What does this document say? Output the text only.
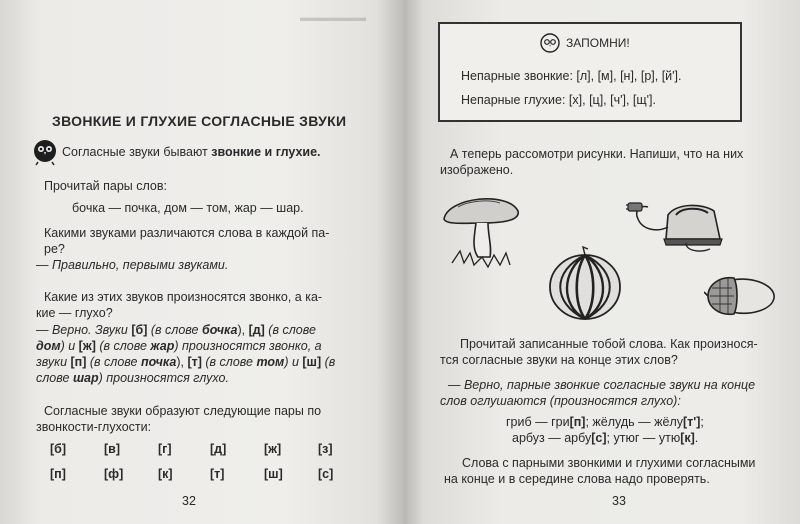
▬▬▬▬▬▬
ЗВОНКИЕ И ГЛУХИЕ СОГЛАСНЫЕ ЗВУКИ
Согласные звуки бывают звонкие и глухие.
Прочитай пары слов:
бочка — почка, дом — том, жар — шар.
Какими звуками различаются слова в каждой па-
ре?
— Правильно, первыми звуками.
Какие из этих звуков произносятся звонко, а ка-
кие — глухо?
— Верно. Звуки [б] (в слове бочка), [д] (в слове
дом) и [ж] (в слове жар) произносятся звонко, а
звуки [п] (в слове почка), [т] (в слове том) и [ш] (в
слове шар) произносятся глухо.
Согласные звуки образуют следующие пары по
звонкости-глухости:
[б]	[в]	[г]	[д]	[ж]	[з]
[п]	[ф]	[к]	[т]	[ш]	[с]
32
ЗАПОМНИ!
Непарные звонкие: [л], [м], [н], [р], [й'].
Непарные глухие: [х], [ц], [ч'], [щ'].
А теперь рассомотри рисунки. Напиши, что на них
изображено.
Прочитай записанные тобой слова. Как произнося-
тся согласные звуки на конце этих слов?
— Верно, парные звонкие согласные звуки на конце
слов оглушаются (произносятся глухо):
гриб — гри[п]; жёлудь — жёлу[т'];
арбуз — арбу[с]; утюг — утю[к].
Слова с парными звонкими и глухими согласными
на конце и в середине слова надо проверять.
33
